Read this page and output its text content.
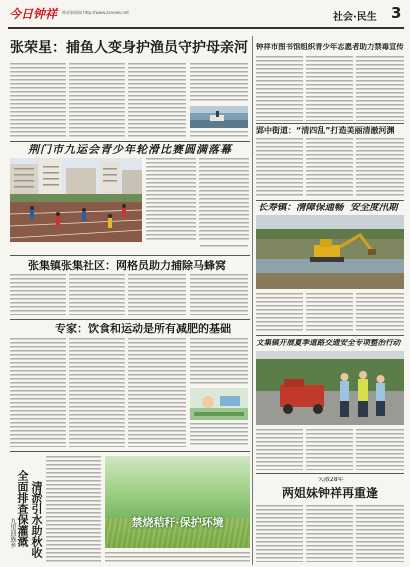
今日钟祥 钟祥新闻网 http://www.zxnews.net	社会·民生 3
张荣星：捕鱼人变身护渔员守护母亲河 钟祥市图书馆组织青少年志愿者助力禁毒宣传
郢中街道：“清四乱”打造美丽清澈河渊
荆门市九运会青少年轮滑比赛圆满落幕
长寿镇：清障保通畅  安全度汛期
张集镇张集社区：网格员助力捕除马蜂窝
专家：饮食和运动是所有减肥的基础
文集镇开展夏季道路交通安全专项整治行动
失散28年
两姐妹钟祥再重逢
九里回族乡 全面排查保灌溉 清淤引水助秋收	禁烧秸秆·保护环境
